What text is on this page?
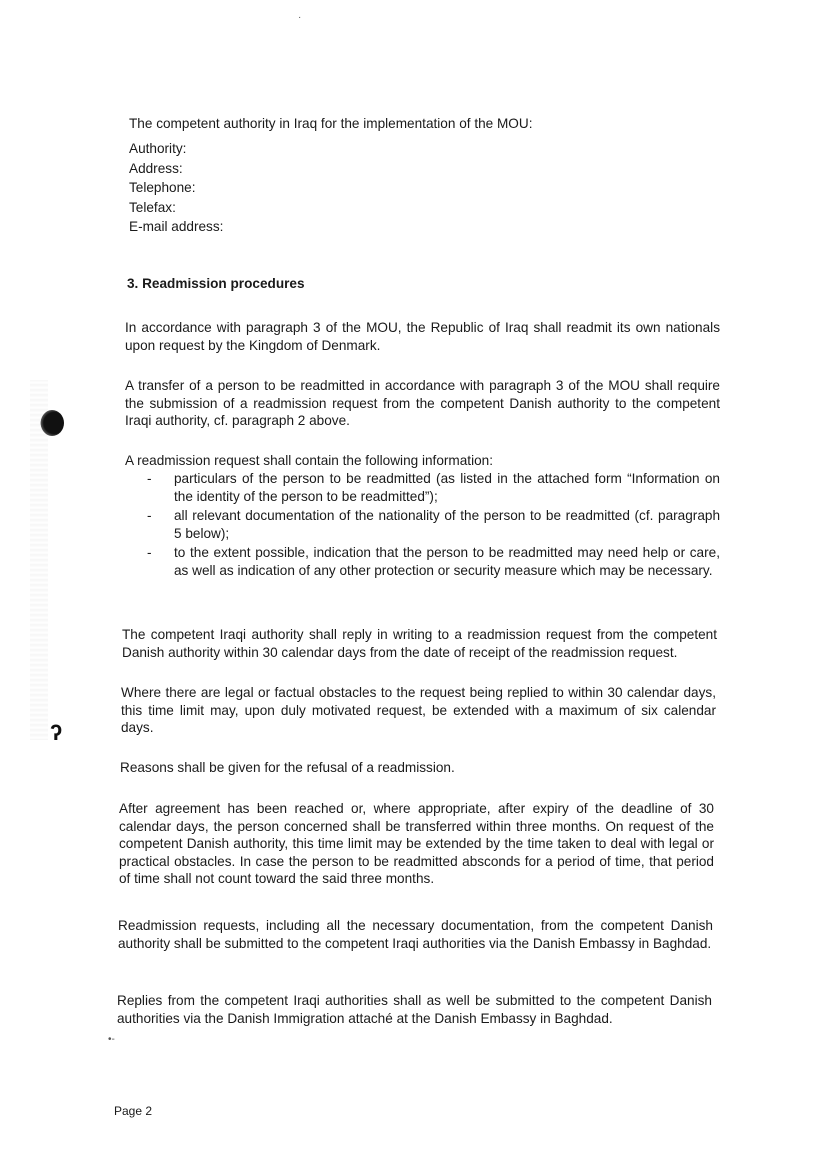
ʔ
·
•-

The competent authority in Iraq for the implementation of the MOU:

Authority:
Address:
Telephone:
Telefax:
E-mail address:
3. Readmission procedures

In accordance with paragraph 3 of the MOU, the Republic of Iraq shall readmit its own nationals upon request by the Kingdom of Denmark.

A transfer of a person to be readmitted in accordance with paragraph 3 of the MOU shall require the submission of a readmission request from the competent Danish authority to the competent Iraqi authority, cf. paragraph 2 above.

A readmission request shall contain the following information:

- particulars of the person to be readmitted (as listed in the attached form “Information on the identity of the person to be readmitted”);
- all relevant documentation of the nationality of the person to be readmitted (cf. paragraph 5 below);
- to the extent possible, indication that the person to be readmitted may need help or care, as well as indication of any other protection or security measure which may be necessary.

The competent Iraqi authority shall reply in writing to a readmission request from the competent Danish authority within 30 calendar days from the date of receipt of the readmission request.

Where there are legal or factual obstacles to the request being replied to within 30 calendar days, this time limit may, upon duly motivated request, be extended with a maximum of six calendar days.

Reasons shall be given for the refusal of a readmission.

After agreement has been reached or, where appropriate, after expiry of the deadline of 30 calendar days, the person concerned shall be transferred within three months. On request of the competent Danish authority, this time limit may be extended by the time taken to deal with legal or practical obstacles. In case the person to be readmitted absconds for a period of time, that period of time shall not count toward the said three months.

Readmission requests, including all the necessary documentation, from the competent Danish authority shall be submitted to the competent Iraqi authorities via the Danish Embassy in Baghdad.

Replies from the competent Iraqi authorities shall as well be submitted to the competent Danish authorities via the Danish Immigration attaché at the Danish Embassy in Baghdad.

Page 2
